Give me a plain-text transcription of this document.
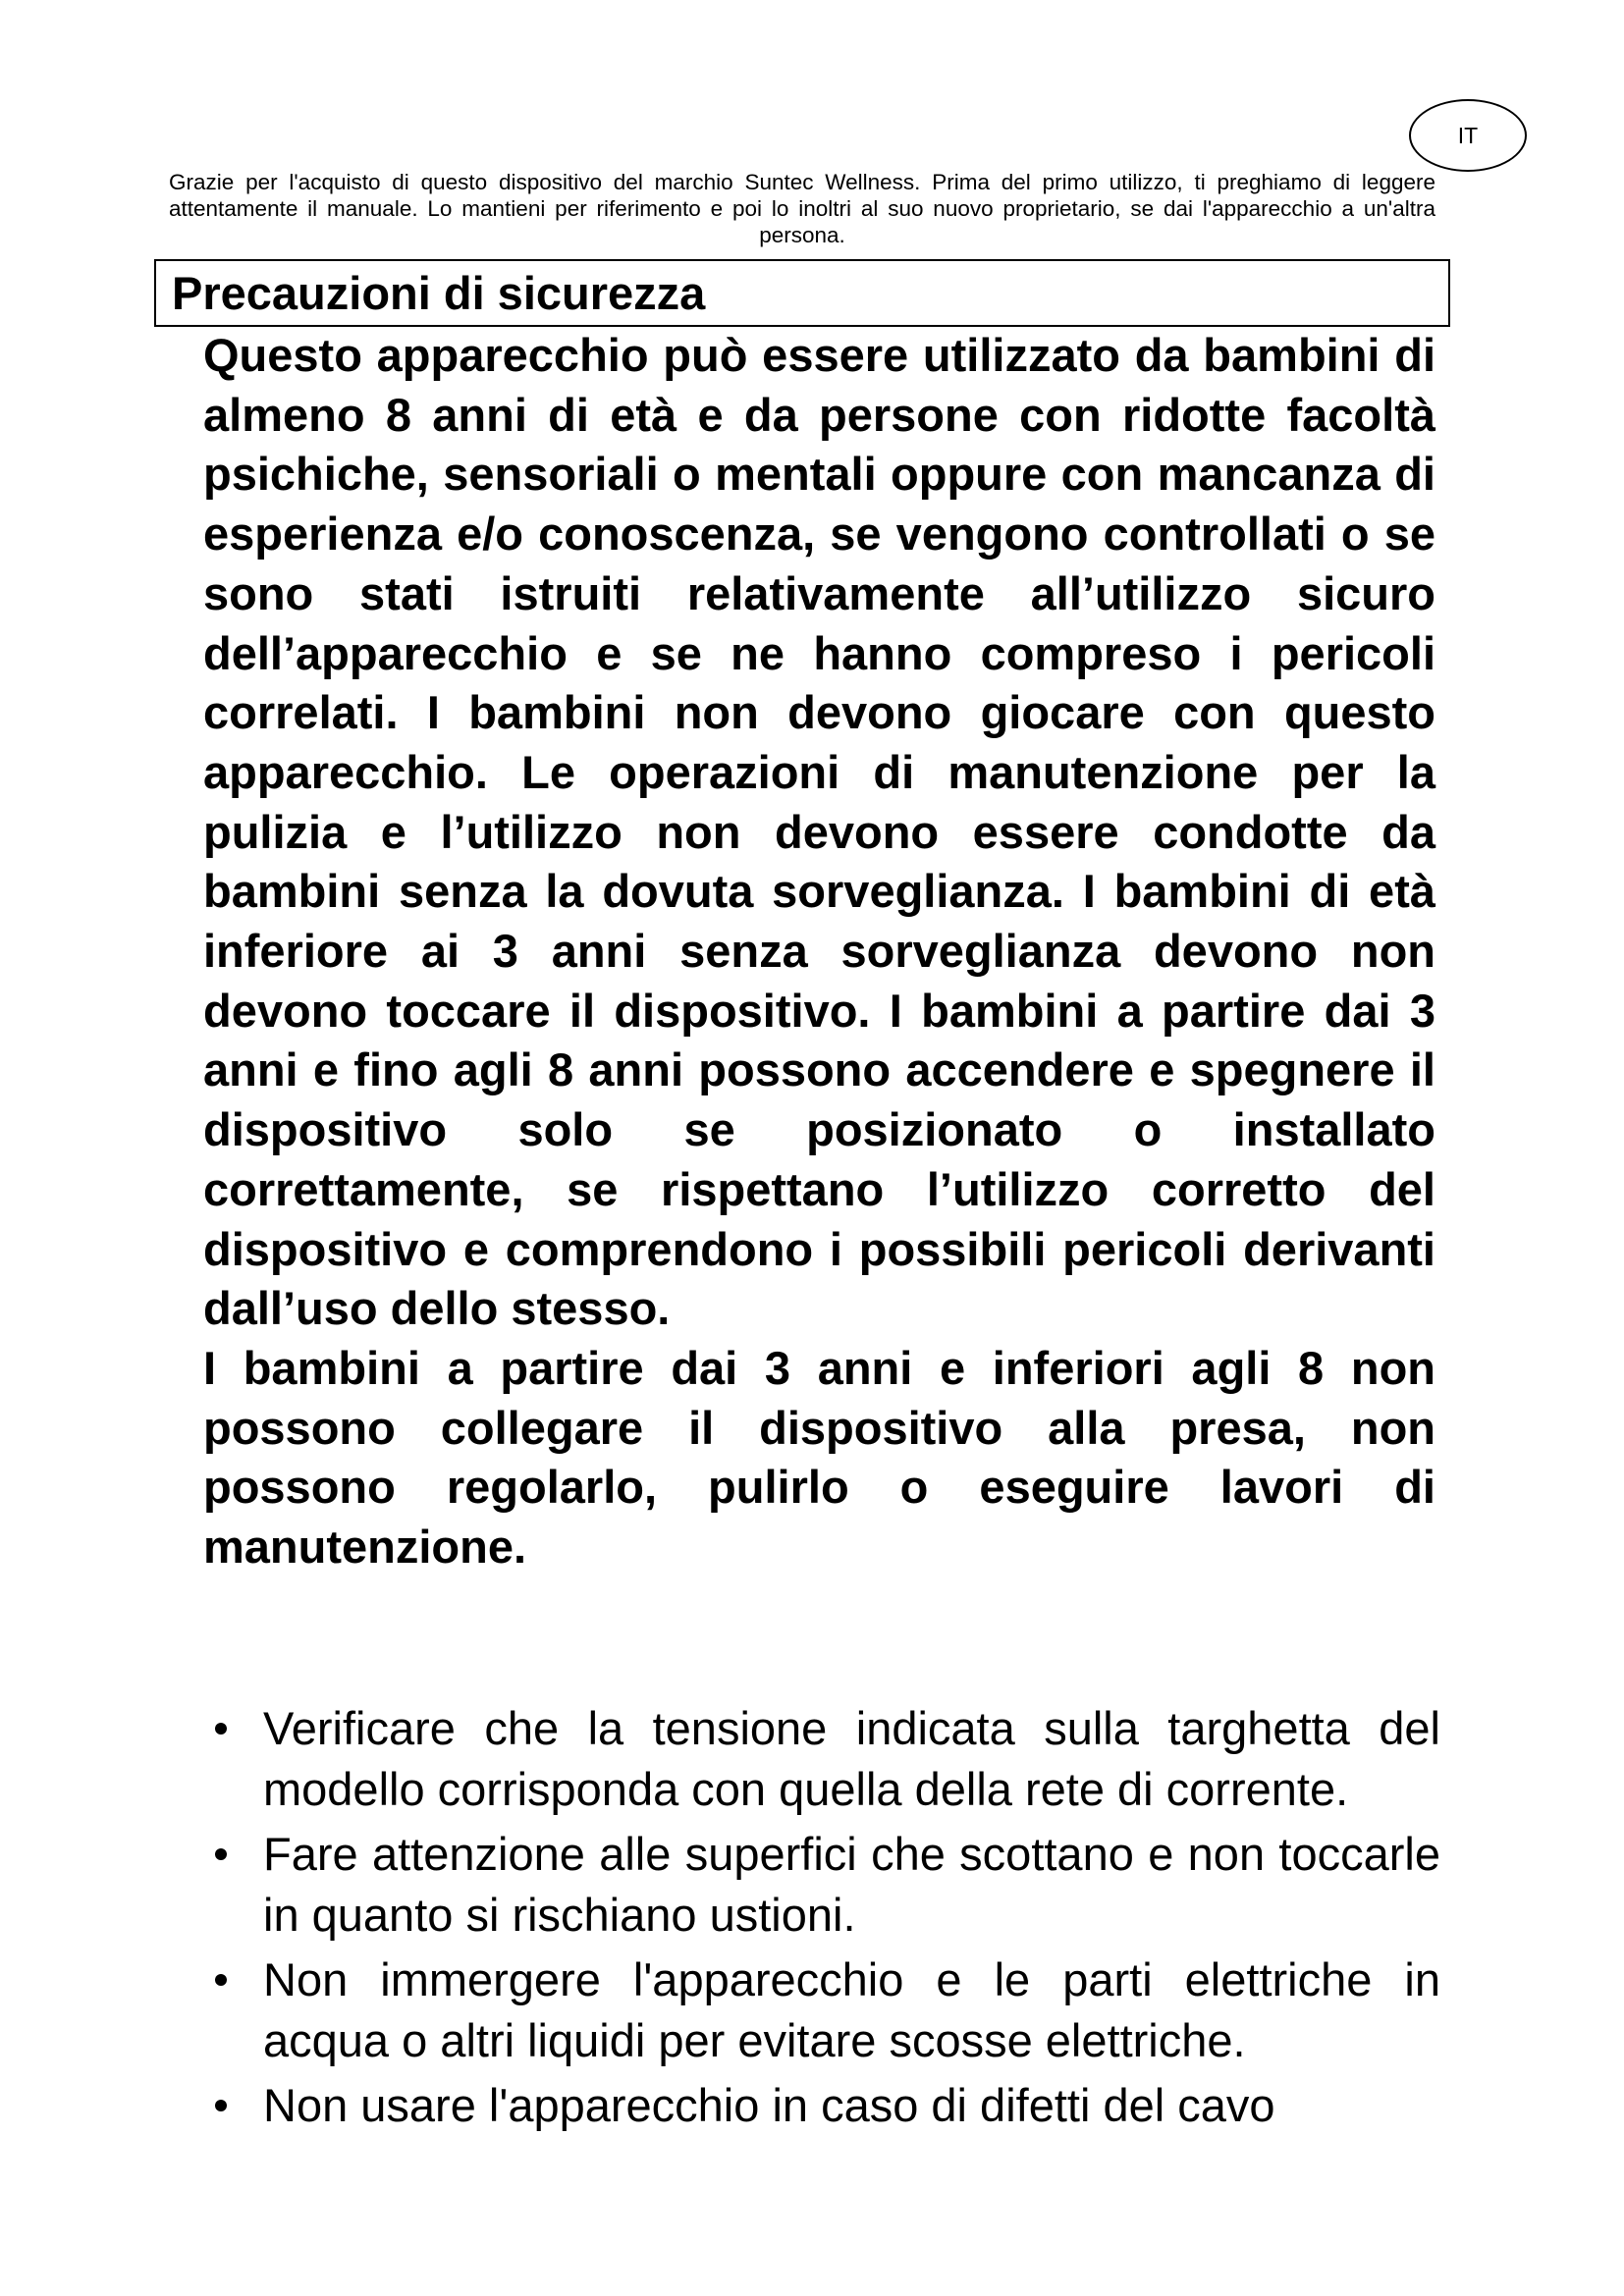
IT
Grazie per l'acquisto di questo dispositivo del marchio Suntec Wellness. Prima del primo utilizzo, ti preghiamo di leggere attentamente il manuale. Lo mantieni per riferimento e poi lo inoltri al suo nuovo proprietario, se dai l'apparecchio a un'altra persona.
Precauzioni di sicurezza
Questo apparecchio può essere utilizzato da bambini di almeno 8 anni di età e da persone con ridotte facoltà psichiche, sensoriali o mentali oppure con mancanza di esperienza e/o conoscenza, se vengono controllati o se sono stati istruiti relativamente all’utilizzo sicuro dell’apparecchio e se ne hanno compreso i pericoli correlati. I bambini non devono giocare con questo apparecchio. Le operazioni di manutenzione per la pulizia e l’utilizzo non devono essere condotte da bambini senza la dovuta sorveglianza. I bambini di età inferiore ai 3 anni senza sorveglianza devono non devono toccare il dispositivo. I bambini a partire dai 3 anni e fino agli 8 anni possono accendere e spegnere il dispositivo solo se posizionato o installato correttamente, se rispettano l’utilizzo corretto del dispositivo e comprendono i possibili pericoli derivanti dall’uso dello stesso.
I bambini a partire dai 3 anni e inferiori agli 8 non possono collegare il dispositivo alla presa, non possono regolarlo, pulirlo o eseguire lavori di manutenzione.
Verificare che la tensione indicata sulla targhetta del modello corrisponda con quella della rete di corrente.
Fare attenzione alle superfici che scottano e non toccarle in quanto si rischiano ustioni.
Non immergere l'apparecchio e le parti elettriche in acqua o altri liquidi per evitare scosse elettriche.
Non usare l'apparecchio in caso di difetti del cavo
